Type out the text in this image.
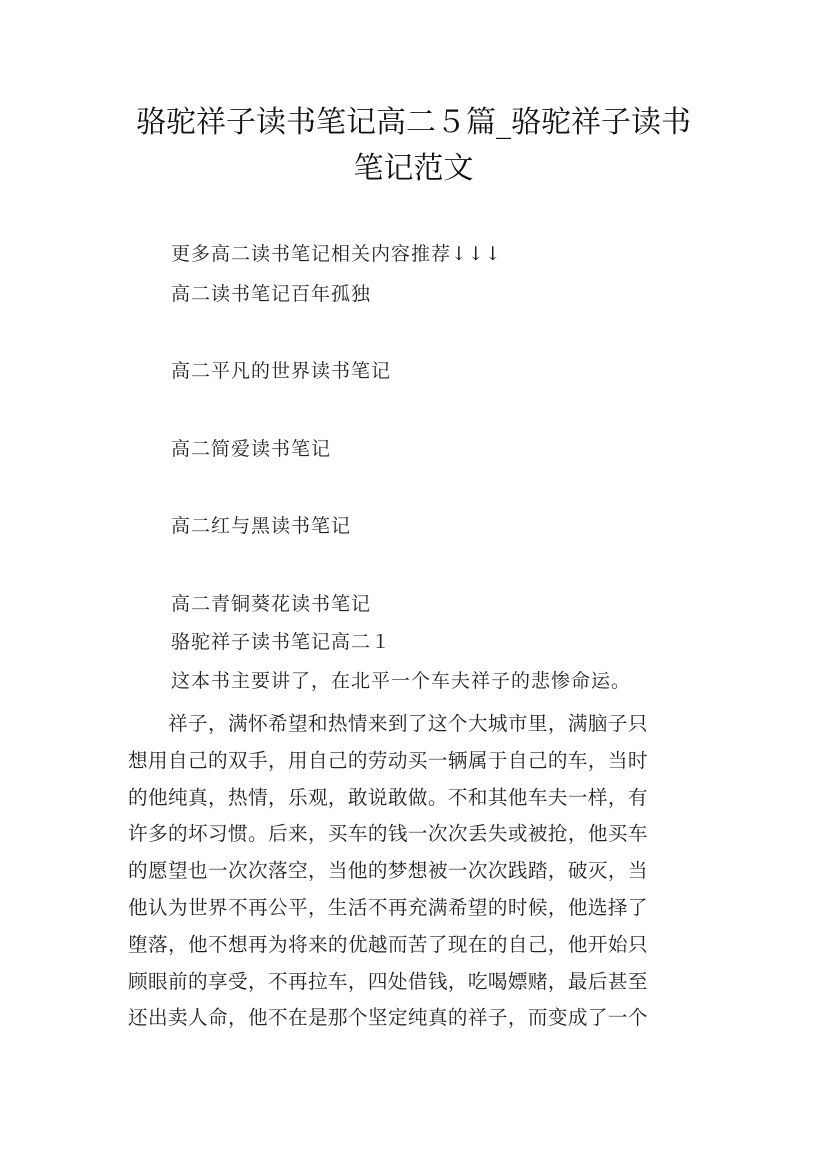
骆驼祥子读书笔记高二５篇_骆驼祥子读书
笔记范文
更多高二读书笔记相关内容推荐↓↓↓
高二读书笔记百年孤独
高二平凡的世界读书笔记
高二简爱读书笔记
高二红与黑读书笔记
高二青铜葵花读书笔记
骆驼祥子读书笔记高二１
这本书主要讲了，在北平一个车夫祥子的悲惨命运。
　　祥子，满怀希望和热情来到了这个大城市里，满脑子只
想用自己的双手，用自己的劳动买一辆属于自己的车，当时
的他纯真，热情，乐观，敢说敢做。不和其他车夫一样，有
许多的坏习惯。后来，买车的钱一次次丢失或被抢，他买车
的愿望也一次次落空，当他的梦想被一次次践踏，破灭，当
他认为世界不再公平，生活不再充满希望的时候，他选择了
堕落，他不想再为将来的优越而苦了现在的自己，他开始只
顾眼前的享受，不再拉车，四处借钱，吃喝嫖赌，最后甚至
还出卖人命，他不在是那个坚定纯真的祥子，而变成了一个
